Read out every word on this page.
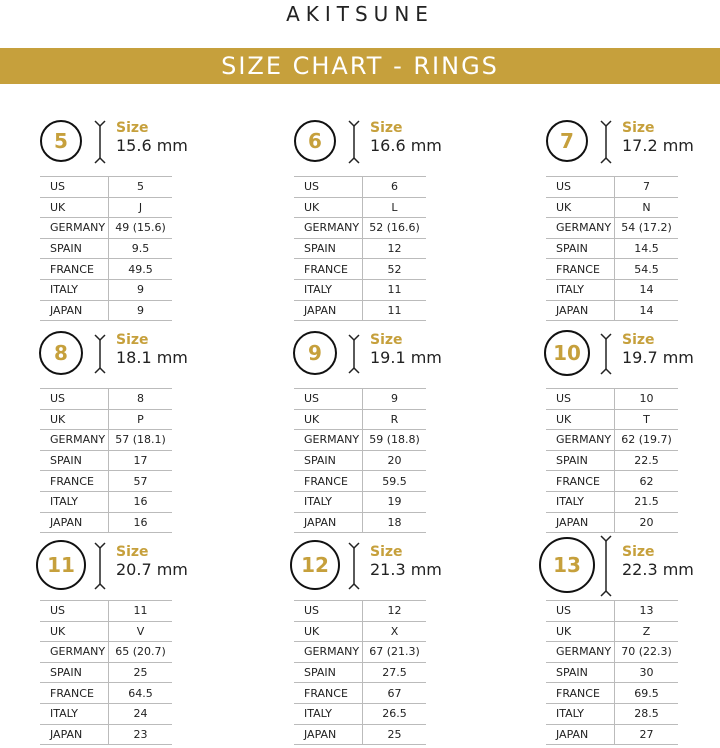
AKITSUNE
SIZE CHART - RINGS
5
Size
15.6 mm
US	5
UK	J
GERMANY	49 (15.6)
SPAIN	9.5
FRANCE	49.5
ITALY	9
JAPAN	9
6
Size
16.6 mm
US	6
UK	L
GERMANY	52 (16.6)
SPAIN	12
FRANCE	52
ITALY	11
JAPAN	11
7
Size
17.2 mm
US	7
UK	N
GERMANY	54 (17.2)
SPAIN	14.5
FRANCE	54.5
ITALY	14
JAPAN	14
8
Size
18.1 mm
US	8
UK	P
GERMANY	57 (18.1)
SPAIN	17
FRANCE	57
ITALY	16
JAPAN	16
9
Size
19.1 mm
US	9
UK	R
GERMANY	59 (18.8)
SPAIN	20
FRANCE	59.5
ITALY	19
JAPAN	18
10
Size
19.7 mm
US	10
UK	T
GERMANY	62 (19.7)
SPAIN	22.5
FRANCE	62
ITALY	21.5
JAPAN	20
11
Size
20.7 mm
US	11
UK	V
GERMANY	65 (20.7)
SPAIN	25
FRANCE	64.5
ITALY	24
JAPAN	23
12
Size
21.3 mm
US	12
UK	X
GERMANY	67 (21.3)
SPAIN	27.5
FRANCE	67
ITALY	26.5
JAPAN	25
13
Size
22.3 mm
US	13
UK	Z
GERMANY	70 (22.3)
SPAIN	30
FRANCE	69.5
ITALY	28.5
JAPAN	27
